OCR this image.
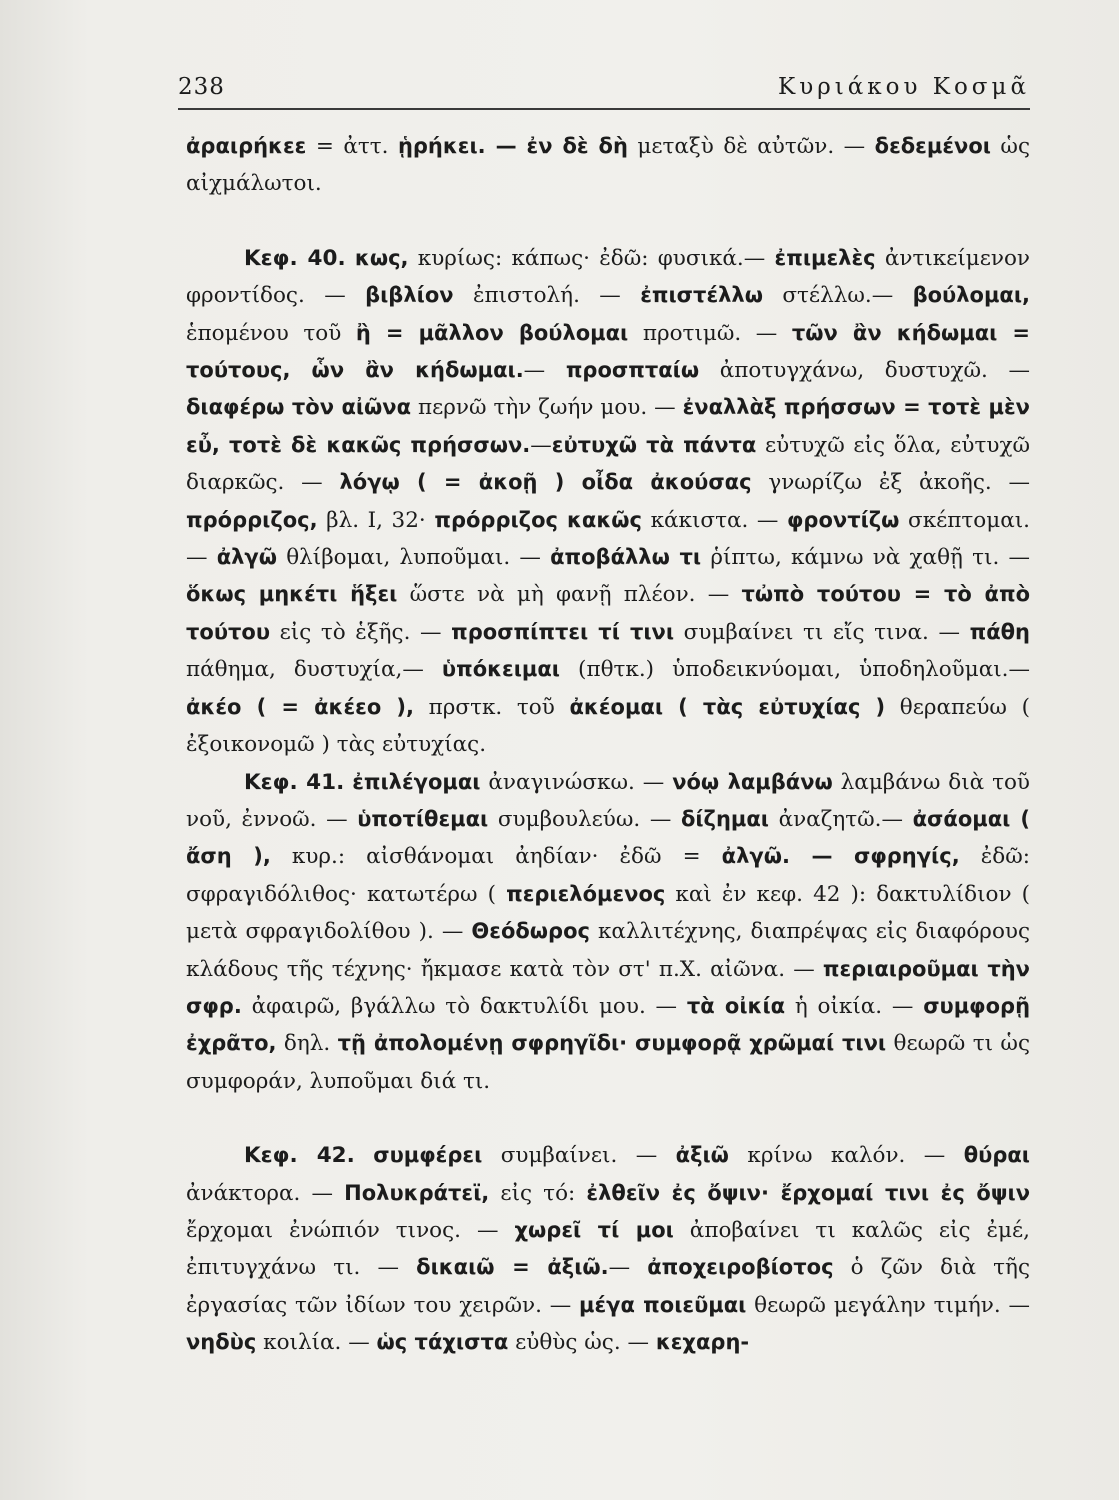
238	Κυριάκου Κοσμᾶ

ἀραιρήκεε = ἀττ. ᾑρήκει. — ἐν δὲ δὴ μεταξὺ δὲ αὐτῶν. — δεδεμένοι ὡς αἰχμάλωτοι.

Κεφ. 40. κως, κυρίως: κάπως· ἐδῶ: φυσικά.— ἐπιμελὲς ἀντικείμενον φροντίδος. — βιβλίον ἐπιστολή. — ἐπιστέλλω στέλλω.— βούλομαι, ἑπομένου τοῦ ἢ = μᾶλλον βούλομαι προτιμῶ. — τῶν ἂν κήδωμαι = τούτους, ὧν ἂν κήδωμαι.— προσπταίω ἀποτυγχάνω, δυστυχῶ. — διαφέρω τὸν αἰῶνα περνῶ τὴν ζωήν μου. — ἐναλλὰξ πρήσσων = τοτὲ μὲν εὖ, τοτὲ δὲ κακῶς πρήσσων.—εὐτυχῶ τὰ πάντα εὐτυχῶ εἰς ὅλα, εὐτυχῶ διαρκῶς. — λόγῳ ( = ἀκοῇ ) οἶδα ἀκούσας γνωρίζω ἐξ ἀκοῆς. — πρόρριζος, βλ. I, 32· πρόρριζος κακῶς κάκιστα. — φροντίζω σκέπτομαι. — ἀλγῶ θλίβομαι, λυποῦμαι. — ἀποβάλλω τι ῥίπτω, κάμνω νὰ χαθῇ τι. — ὅκως μηκέτι ἥξει ὥστε νὰ μὴ φανῇ πλέον. — τὠπὸ τούτου = τὸ ἀπὸ τούτου εἰς τὸ ἑξῆς. — προσπίπτει τί τινι συμβαίνει τι εἴς τινα. — πάθη πάθημα, δυστυχία,— ὑπόκειμαι (πθτκ.) ὑποδεικνύομαι, ὑποδηλοῦμαι.— ἀκέο ( = ἀκέεο ), πρστκ. τοῦ ἀκέομαι ( τὰς εὐτυχίας ) θεραπεύω ( ἐξοικονομῶ ) τὰς εὐτυχίας.

Κεφ. 41. ἐπιλέγομαι ἀναγινώσκω. — νόῳ λαμβάνω λαμβάνω διὰ τοῦ νοῦ, ἐννοῶ. — ὑποτίθεμαι συμβουλεύω. — δίζημαι ἀναζητῶ.— ἀσάομαι ( ἄση ), κυρ.: αἰσθάνομαι ἀηδίαν· ἐδῶ = ἀλγῶ. — σφρηγίς, ἐδῶ: σφραγιδόλιθος· κατωτέρω ( περιελόμενος καὶ ἐν κεφ. 42 ): δακτυλίδιον ( μετὰ σφραγιδολίθου ). — Θεόδωρος καλλιτέχνης, διαπρέψας εἰς διαφόρους κλάδους τῆς τέχνης· ἤκμασε κατὰ τὸν στ' π.Χ. αἰῶνα. — περιαιροῦμαι τὴν σφρ. ἀφαιρῶ, βγάλλω τὸ δακτυλίδι μου. — τὰ οἰκία ἡ οἰκία. — συμφορῇ ἐχρᾶτο, δηλ. τῇ ἀπολομένῃ σφρηγῖδι· συμφορᾷ χρῶμαί τινι θεωρῶ τι ὡς συμφοράν, λυποῦμαι διά τι.

Κεφ. 42. συμφέρει συμβαίνει. — ἀξιῶ κρίνω καλόν. — θύραι ἀνάκτορα. — Πολυκράτεϊ, εἰς τό: ἐλθεῖν ἐς ὄψιν· ἔρχομαί τινι ἐς ὄψιν ἔρχομαι ἐνώπιόν τινος. — χωρεῖ τί μοι ἀποβαίνει τι καλῶς εἰς ἐμέ, ἐπιτυγχάνω τι. — δικαιῶ = ἀξιῶ.— ἀποχειροβίοτος ὁ ζῶν διὰ τῆς ἐργασίας τῶν ἰδίων του χειρῶν. — μέγα ποιεῦμαι θεωρῶ μεγάλην τιμήν. — νηδὺς κοιλία. — ὡς τάχιστα εὐθὺς ὡς. — κεχαρη-
